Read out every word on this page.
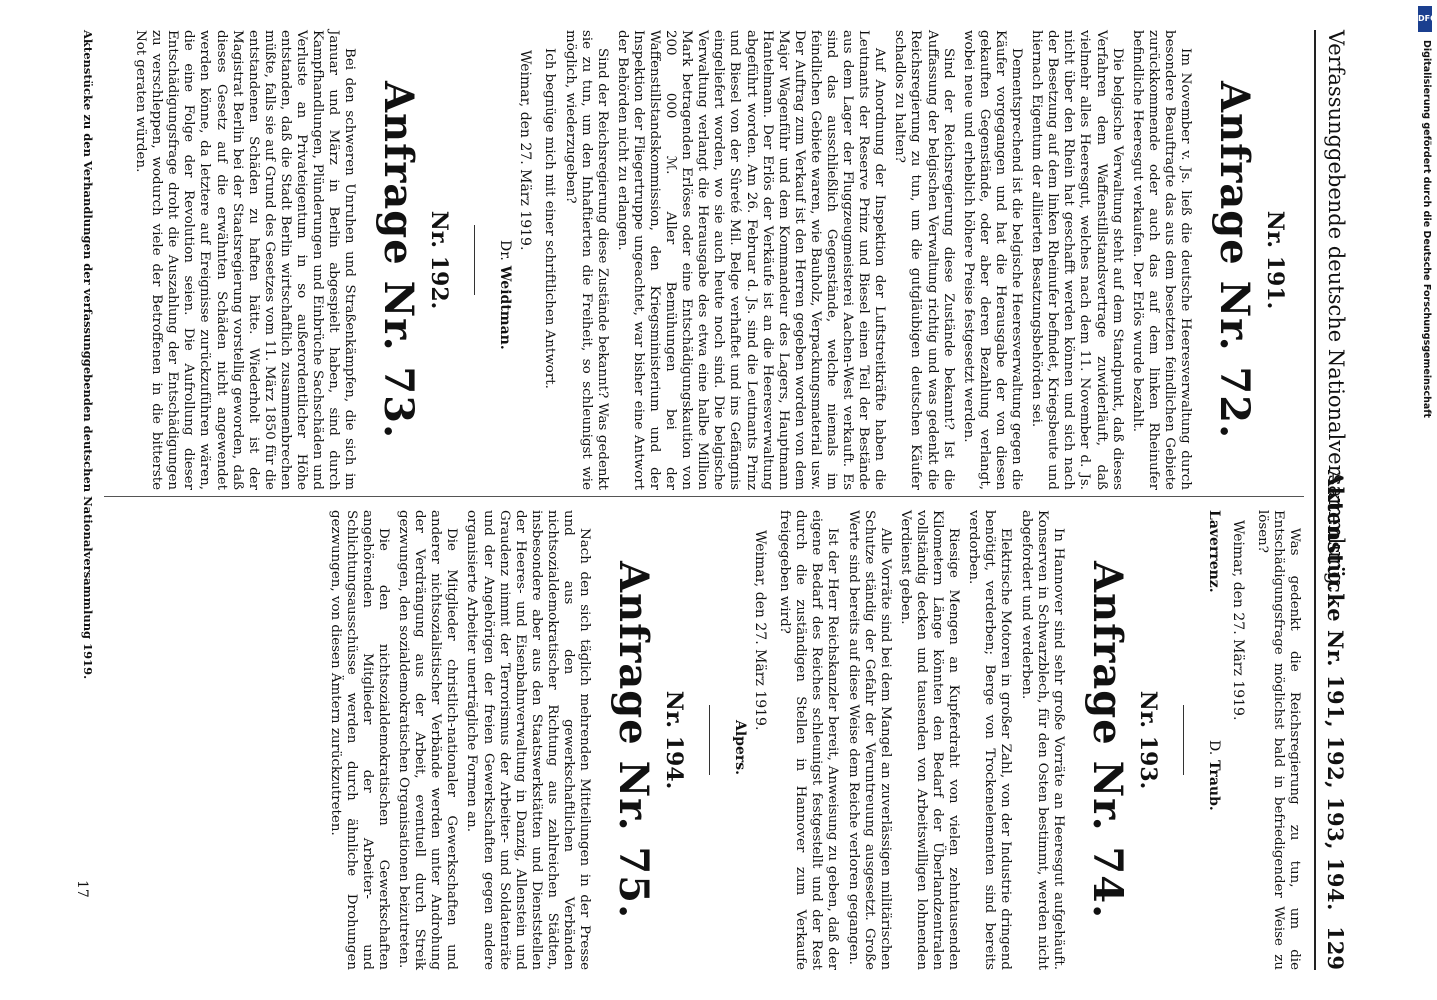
Verfassunggebende deutsche Nationalversammlung.
Aktenstücke Nr. 191, 192, 193, 194.
129
Nr. 191.
Anfrage Nr. 72.

Im November v. Js. ließ die deutsche Heeresverwaltung durch besondere Beauftragte das aus dem besetzten feindlichen Gebiete zurückkommende oder auch das auf dem linken Rheinufer befindliche Heeresgut verkaufen. Der Erlös wurde bezahlt.

Die belgische Verwaltung steht auf dem Standpunkt, daß dieses Verfahren dem Waffenstillstandsvertrage zuwiderläuft, daß vielmehr alles Heeresgut, welches nach dem 11. November d. Js. nicht über den Rhein hat geschafft werden können und sich nach der Besetzung auf dem linken Rheinufer befindet, Kriegsbeute und hiernach Eigentum der alliierten Besatzungsbehörden sei.

Dementsprechend ist die belgische Heeresverwaltung gegen die Käufer vorgegangen und hat die Herausgabe der von diesen gekauften Gegenstände, oder aber deren Bezahlung verlangt, wobei neue und erheblich höhere Preise festgesetzt werden.

Sind der Reichsregierung diese Zustände bekannt? Ist die Auffassung der belgischen Verwaltung richtig und was gedenkt die Reichsregierung zu tun, um die gutgläubigen deutschen Käufer schadlos zu halten?

Auf Anordnung der Inspektion der Luftstreitkräfte haben die Leutnants der Reserve Prinz und Biesel einen Teil der Bestände aus dem Lager der Fluggzeugmeisterei Aachen-West verkauft. Es sind das ausschließlich Gegenstände, welche niemals im feindlichen Gebiete waren, wie Bauholz, Verpackungsmaterial usw. Der Auftrag zum Verkauf ist den Herren gegeben worden von dem Major Wagenführ und dem Kommandeur des Lagers, Hauptmann Hantelmann. Der Erlös der Verkäufe ist an die Heeresverwaltung abgeführt worden. Am 26. Februar d. Js. sind die Leutnants Prinz und Biesel von der Sûreté Mil. Belge verhaftet und ins Gefängnis eingeliefert worden, wo sie auch heute noch sind. Die belgische Verwaltung verlangt die Herausgabe des etwa eine halbe Million Mark betragenden Erlöses oder eine Entschädigungskaution von 200 000 ℳ. Aller Bemühungen bei der Waffenstillstandskommission, den Kriegsministerium und der Inspektion der Fliegertruppe ungeachtet, war bisher eine Antwort der Behörden nicht zu erlangen.

Sind der Reichsregierung diese Zustände bekannt? Was gedenkt sie zu tun, um den Inhaftierten die Freiheit, so schleunigst wie möglich, wiederzugeben?

Ich begnüge mich mit einer schriftlichen Antwort.

Weimar, den 27. März 1919.
Dr. Weidtman.
Nr. 192.
Anfrage Nr. 73.

Bei den schweren Unruhen und Straßenkämpfen, die sich im Januar und März in Berlin abgespielt haben, sind durch Kampfhandlungen, Plünderungen und Einbrüche Sachschäden und Verluste an Privateigentum in so außerordentlicher Höhe entstanden, daß die Stadt Berlin wirtschaftlich zusammenbrechen müßte, falls sie auf Grund des Gesetzes vom 11. März 1850 für die entstandenen Schäden zu haften hätte. Wiederholt ist der Magistrat Berlin bei der Staatsregierung vorstellig geworden, daß dieses Gesetz auf die erwähnten Schäden nicht angewendet werden könne, da letztere auf Ereignisse zurückzuführen wären, die eine Folge der Revolution seien. Die Aufrollung dieser Entschädigungsfrage droht die Auszahlung der Entschädigungen zu verschleppen, wodurch viele der Betroffenen in die bitterste Not geraten würden.

Was gedenkt die Reichsregierung zu tun, um die Entschädigungsfrage möglichst bald in befriedigender Weise zu lösen?

Weimar, den 27. März 1919.
Laverrenz.
D. Traub.
Nr. 193.
Anfrage Nr. 74.

In Hannover sind sehr große Vorräte an Heeresgut aufgehäuft. Konserven in Schwarzblech, für den Osten bestimmt, werden nicht abgefordert und verderben.

Elektrische Motoren in großer Zahl, von der Industrie dringend benötigt, verderben; Berge von Trockenelementen sind bereits verdorben.

Riesige Mengen an Kupferdraht von vielen zehntausenden Kilometern Länge könnten den Bedarf der Überlandzentralen vollständig decken und tausenden von Arbeitswilligen lohnenden Verdienst geben.

Alle Vorräte sind bei dem Mangel an zuverlässigen militärischen Schutze ständig der Gefahr der Veruntreuung ausgesetzt. Große Werte sind bereits auf diese Weise dem Reiche verloren gegangen.

Ist der Herr Reichskanzler bereit, Anweisung zu geben, daß der eigene Bedarf des Reiches schleunigst festgestellt und der Rest durch die zuständigen Stellen in Hannover zum Verkaufe freigegeben wird?

Weimar, den 27. März 1919.
Alpers.
Nr. 194.
Anfrage Nr. 75.

Nach den sich täglich mehrenden Mitteilungen in der Presse und aus den gewerkschaftlichen Verbänden nichtsozialdemokratischer Richtung aus zahlreichen Städten, insbesondere aber aus den Staatswerkstätten und Dienststellen der Heeres- und Eisenbahnverwaltung in Danzig, Allenstein und Graudenz nimmt der Terrorismus der Arbeiter- und Soldatenräte und der Angehörigen der freien Gewerkschaften gegen andere organisierte Arbeiter unerträgliche Formen an.

Die Mitglieder christlich-nationaler Gewerkschaften und anderer nichtsozialistischer Verbände werden unter Androhung der Verdrängung aus der Arbeit, eventuell durch Streik gezwungen, den sozialdemokratischen Organisationen beizutreten.

Die den nichtsozialdemokratischen Gewerkschaften angehörenden Mitglieder der Arbeiter- und Schlichtungsausschüsse werden durch ähnliche Drohungen gezwungen, von diesen Ämtern zurückzutreten.

Aktenstücke zu den Verhandlungen der verfassunggebenden deutschen Nationalversammlung 1919.
17
DFG
Digitalisierung gefördert durch die Deutsche Forschungsgemeinschaft
